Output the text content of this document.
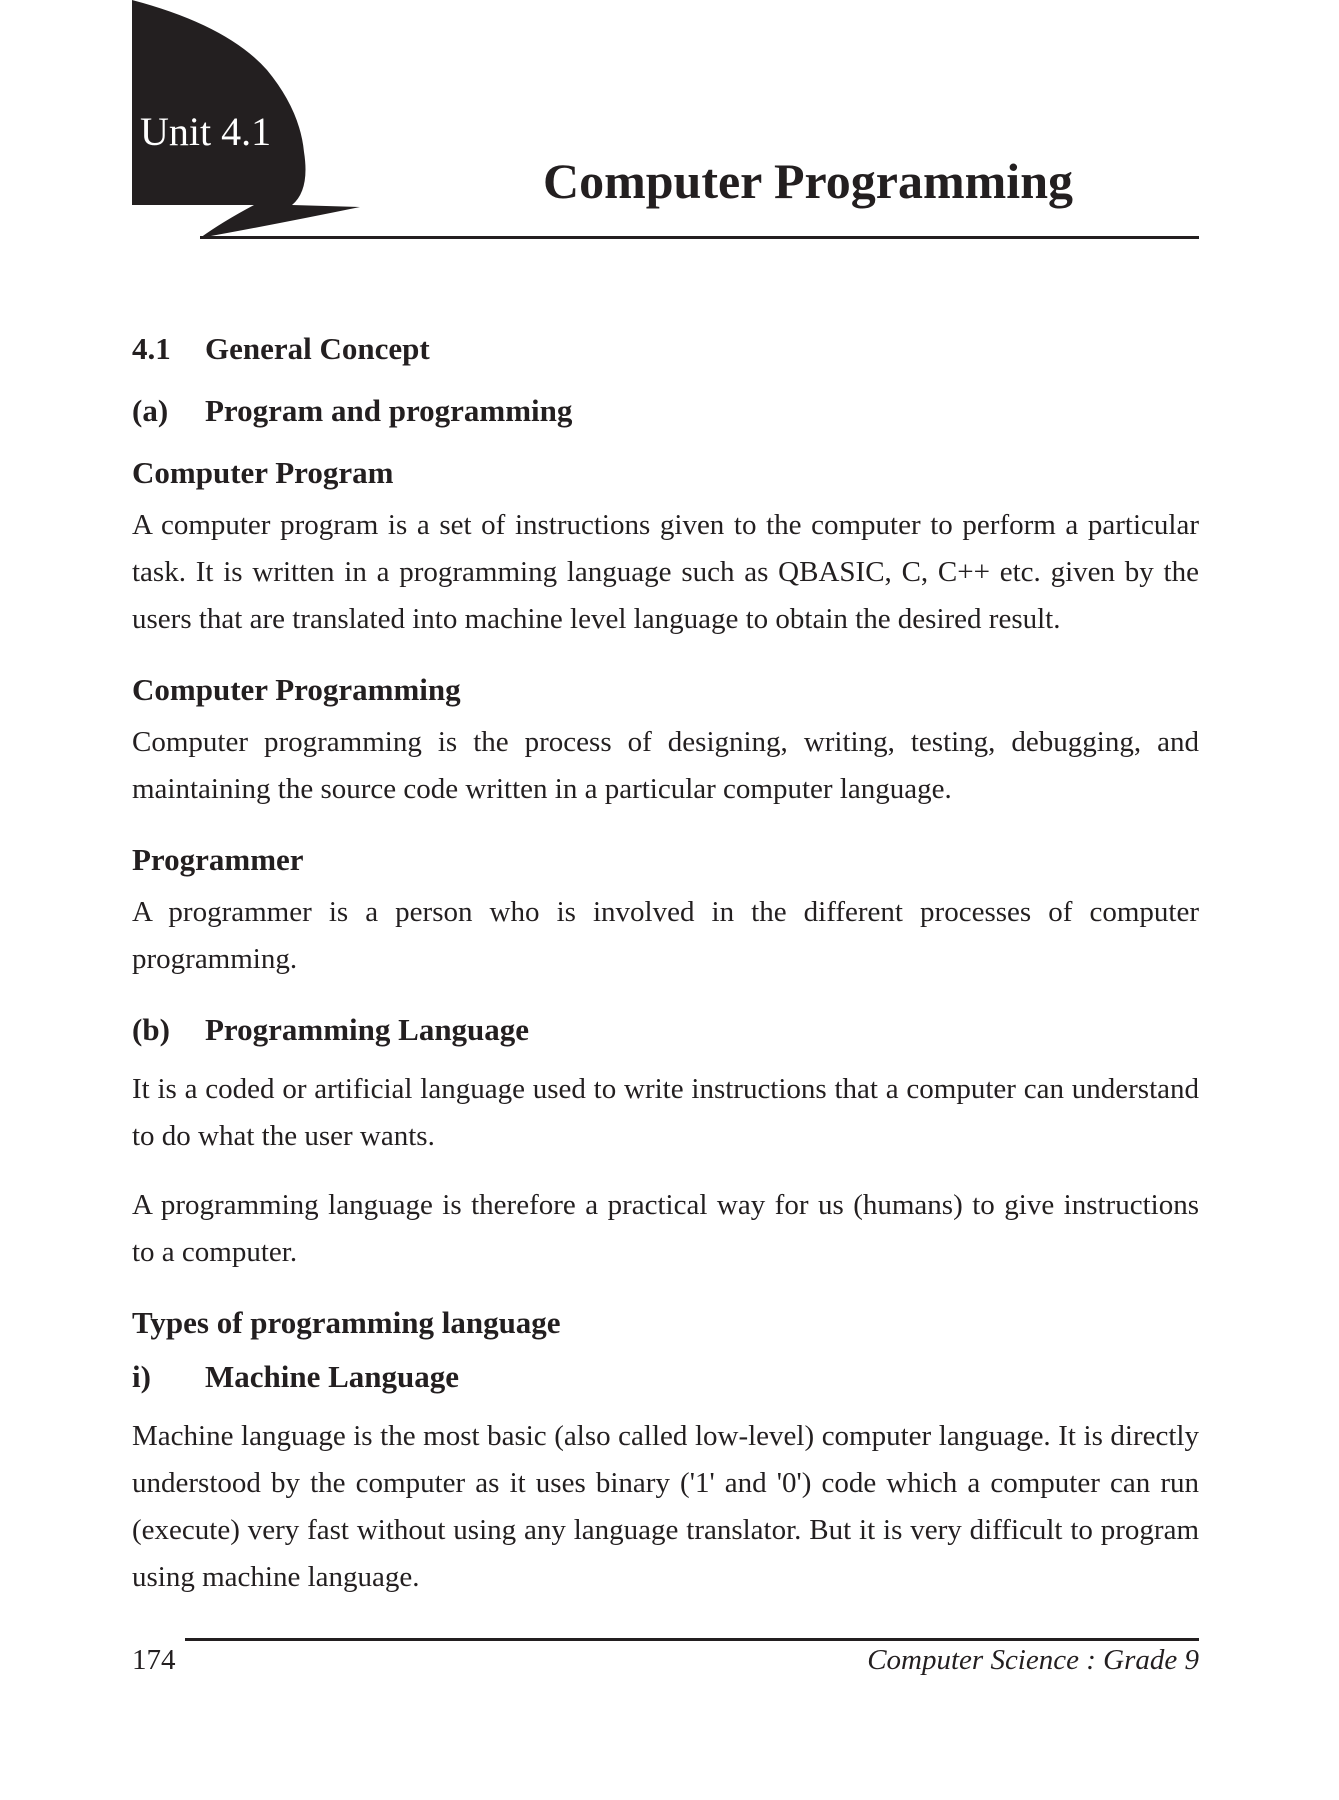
Unit 4.1
Computer Programming
4.1 General Concept
(a) Program and programming
Computer Program

A computer program is a set of instructions given to the computer to perform a particular task. It is written in a programming language such as QBASIC, C, C++ etc. given by the users that are translated into machine level language to obtain the desired result.

Computer Programming

Computer programming is the process of designing, writing, testing, debugging, and maintaining the source code written in a particular computer language.

Programmer

A programmer is a person who is involved in the different processes of computer programming.

(b) Programming Language

It is a coded or artificial language used to write instructions that a computer can understand to do what the user wants.

A programming language is therefore a practical way for us (humans) to give instructions to a computer.

Types of programming language
i) Machine Language

Machine language is the most basic (also called low-level) computer language. It is directly understood by the computer as it uses binary ('1' and '0') code which a computer can run (execute) very fast without using any language translator. But it is very difficult to program using machine language.

174	Computer Science : Grade 9
